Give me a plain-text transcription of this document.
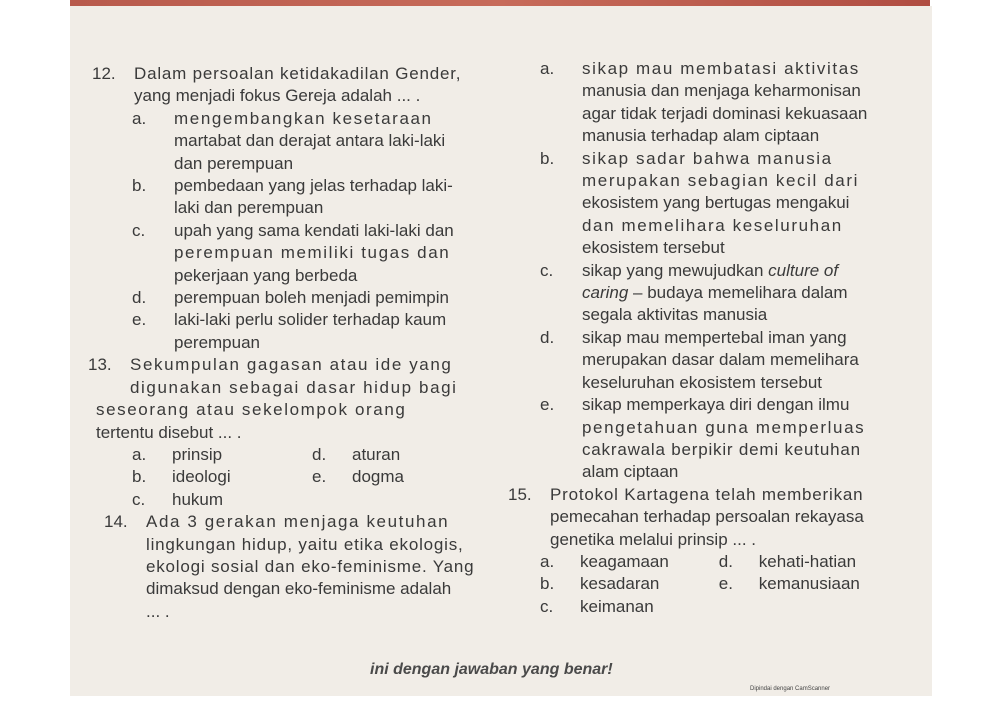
12. Dalam persoalan ketidakadilan Gender,
yang menjadi fokus Gereja adalah ... .
a. mengembangkan kesetaraan
martabat dan derajat antara laki-laki
dan perempuan
b. pembedaan yang jelas terhadap laki-
laki dan perempuan
c. upah yang sama kendati laki-laki dan
perempuan memiliki tugas dan
pekerjaan yang berbeda
d. perempuan boleh menjadi pemimpin
e. laki-laki perlu solider terhadap kaum
perempuan
13. Sekumpulan gagasan atau ide yang
digunakan sebagai dasar hidup bagi
seseorang atau sekelompok orang
tertentu disebut ... .
a. prinsip	d. aturan
b. ideologi	e. dogma
c. hukum
14. Ada 3 gerakan menjaga keutuhan
lingkungan hidup, yaitu etika ekologis,
ekologi sosial dan eko-feminisme. Yang
dimaksud dengan eko-feminisme adalah
... .
a. sikap mau membatasi aktivitas
manusia dan menjaga keharmonisan
agar tidak terjadi dominasi kekuasaan
manusia terhadap alam ciptaan
b. sikap sadar bahwa manusia
merupakan sebagian kecil dari
ekosistem yang bertugas mengakui
dan memelihara keseluruhan
ekosistem tersebut
c. sikap yang mewujudkan culture of
caring – budaya memelihara dalam
segala aktivitas manusia
d. sikap mau mempertebal iman yang
merupakan dasar dalam memelihara
keseluruhan ekosistem tersebut
e. sikap memperkaya diri dengan ilmu
pengetahuan guna memperluas
cakrawala berpikir demi keutuhan
alam ciptaan
15. Protokol Kartagena telah memberikan
pemecahan terhadap persoalan rekayasa
genetika melalui prinsip ... .
a. keagamaan	d. kehati-hatian
b. kesadaran	e. kemanusiaan
c. keimanan
ini dengan jawaban yang benar!
Dipindai dengan CamScanner
